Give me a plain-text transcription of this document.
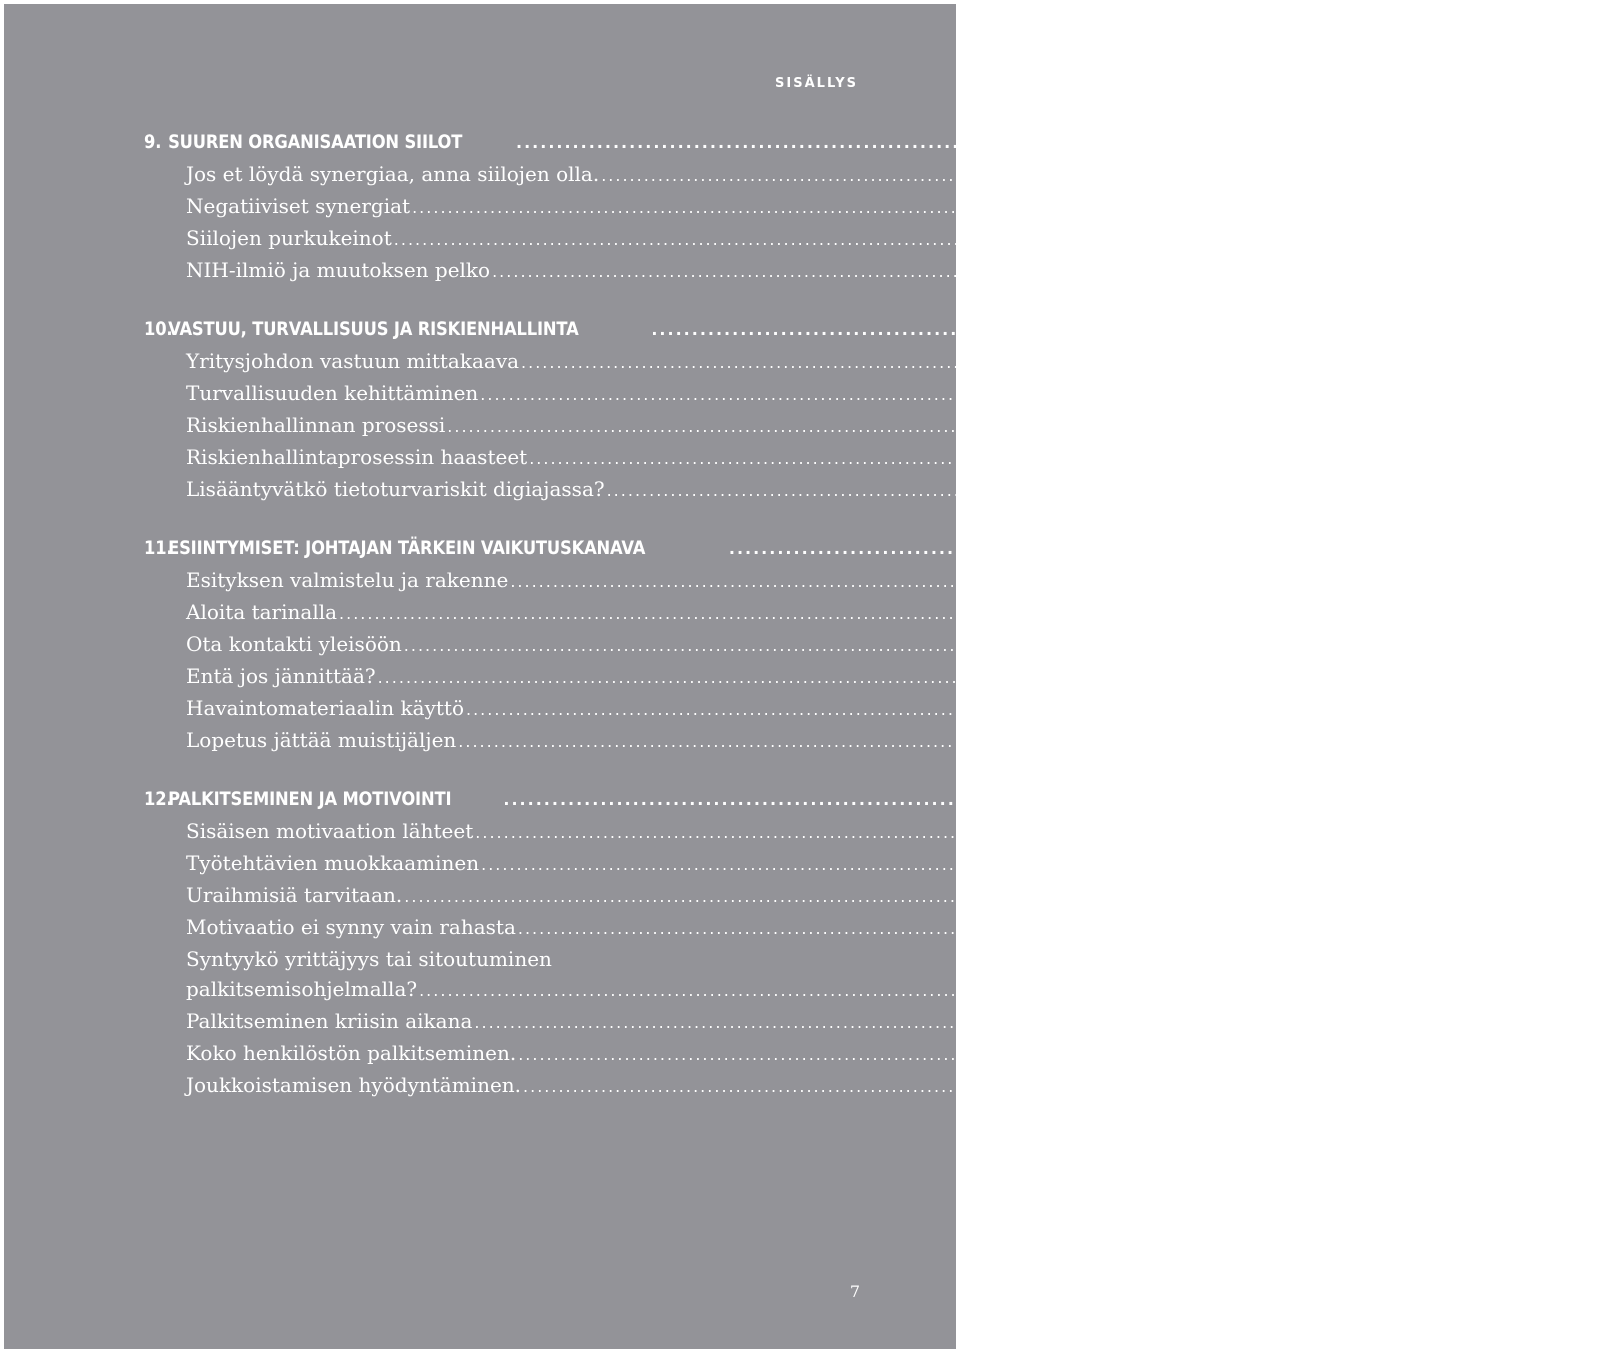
SISÄLLYS
9. SUUREN ORGANISAATION SIILOT	........................................................................................................ 107
Jos et löydä synergiaa, anna siilojen olla. ........................................................................................................ 108
Negatiiviset synergiat ........................................................................................................ 109
Siilojen purkukeinot ........................................................................................................ 110
NIH-ilmiö ja muutoksen pelko ........................................................................................................ 112
10.VASTUU, TURVALLISUUS JA RISKIENHALLINTA	........................................................................................................ 117
Yritysjohdon vastuun mittakaava ........................................................................................................ 118
Turvallisuuden kehittäminen ........................................................................................................ 120
Riskienhallinnan prosessi ........................................................................................................ 123
Riskienhallintaprosessin haasteet ........................................................................................................ 124
Lisääntyvätkö tietoturvariskit digiajassa? ........................................................................................................ 127
11.ESIINTYMISET: JOHTAJAN TÄRKEIN VAIKUTUSKANAVA	........................................................................................................ 131
Esityksen valmistelu ja rakenne ........................................................................................................ 133
Aloita tarinalla ........................................................................................................ 134
Ota kontakti yleisöön ........................................................................................................ 135
Entä jos jännittää? ........................................................................................................ 135
Havaintomateriaalin käyttö ........................................................................................................ 137
Lopetus jättää muistijäljen ........................................................................................................ 138
12.PALKITSEMINEN JA MOTIVOINTI	........................................................................................................ 143
Sisäisen motivaation lähteet ........................................................................................................ 143
Työtehtävien muokkaaminen ........................................................................................................ 145
Uraihmisiä tarvitaan. ........................................................................................................ 146
Motivaatio ei synny vain rahasta ........................................................................................................ 148
Syntyykö yrittäjyys tai sitoutuminen
palkitsemisohjelmalla? ........................................................................................................ 150
Palkitseminen kriisin aikana ........................................................................................................ 152
Koko henkilöstön palkitseminen. ........................................................................................................ 153
Joukkoistamisen hyödyntäminen. ........................................................................................................ 154
7
